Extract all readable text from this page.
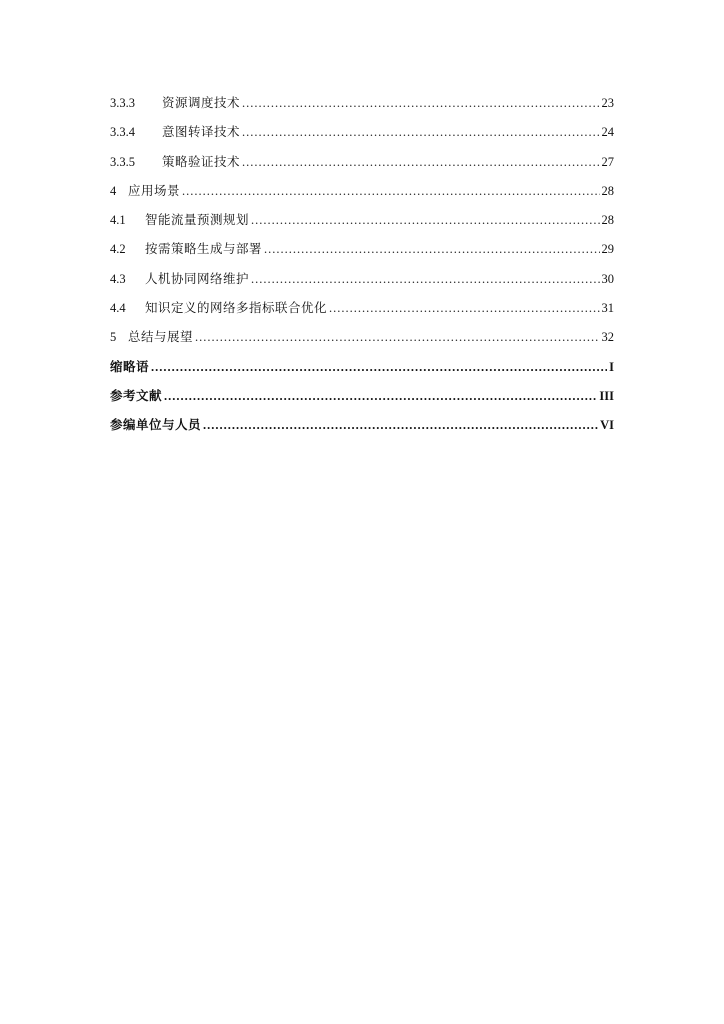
3.3.3	资源调度技术 .....	23
3.3.4	意图转译技术 .....	24
3.3.5	策略验证技术 .....	27
4 应用场景 .....	28
4.1	智能流量预测规划 .....	28
4.2	按需策略生成与部署 .....	29
4.3	人机协同网络维护 .....	30
4.4	知识定义的网络多指标联合优化 .....	31
5 总结与展望 .....	32
缩略语 .....	I
参考文献 .....	III
参编单位与人员 .....	VI
